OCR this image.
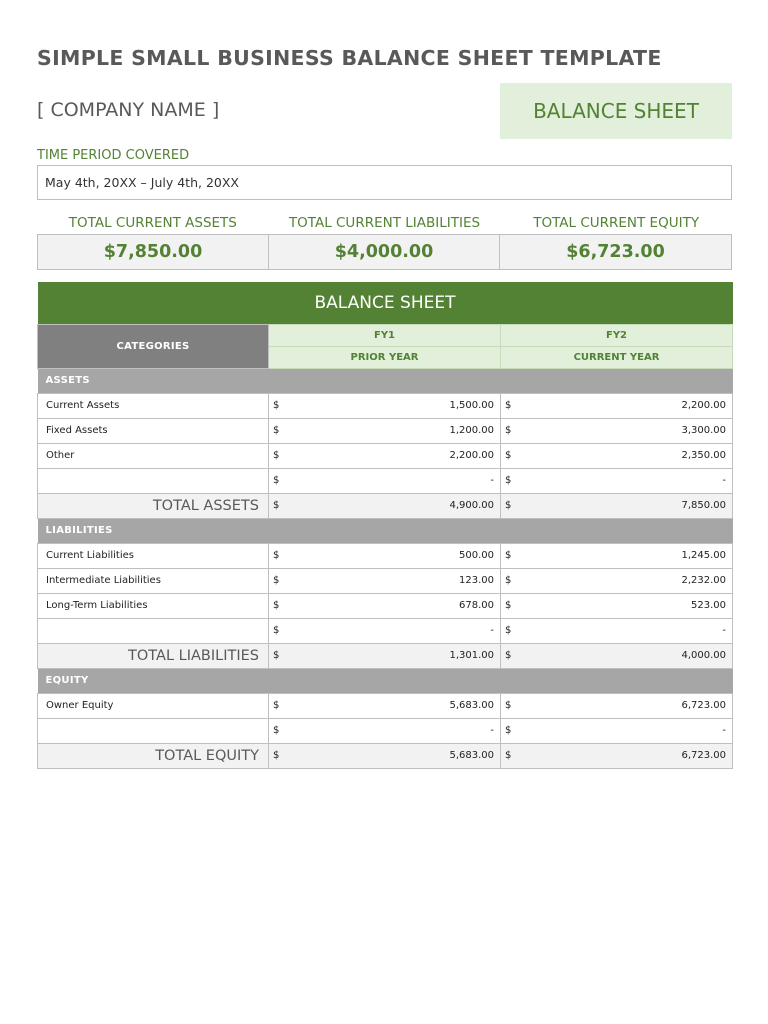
SIMPLE SMALL BUSINESS BALANCE SHEET TEMPLATE
[ COMPANY NAME ]	BALANCE SHEET
TIME PERIOD COVERED
May 4th, 20XX – July 4th, 20XX
TOTAL CURRENT ASSETS	TOTAL CURRENT LIABILITIES	TOTAL CURRENT EQUITY
$7,850.00	$4,000.00	$6,723.00
BALANCE SHEET		
CATEGORIES	FY1	FY2
	PRIOR YEAR	CURRENT YEAR
ASSETS		
Current Assets	$ 1,500.00	$ 2,200.00

Fixed Assets	$ 1,200.00	$ 3,300.00

Other	$ 2,200.00	$ 2,350.00

	$ -	$ -

TOTAL ASSETS	$ 4,900.00	$ 7,850.00

LIABILITIES		
Current Liabilities	$ 500.00	$ 1,245.00

Intermediate Liabilities	$ 123.00	$ 2,232.00

Long-Term Liabilities	$ 678.00	$ 523.00

	$ -	$ -

TOTAL LIABILITIES	$ 1,301.00	$ 4,000.00

EQUITY		
Owner Equity	$ 5,683.00	$ 6,723.00

	$ -	$ -

TOTAL EQUITY	$ 5,683.00	$ 6,723.00
